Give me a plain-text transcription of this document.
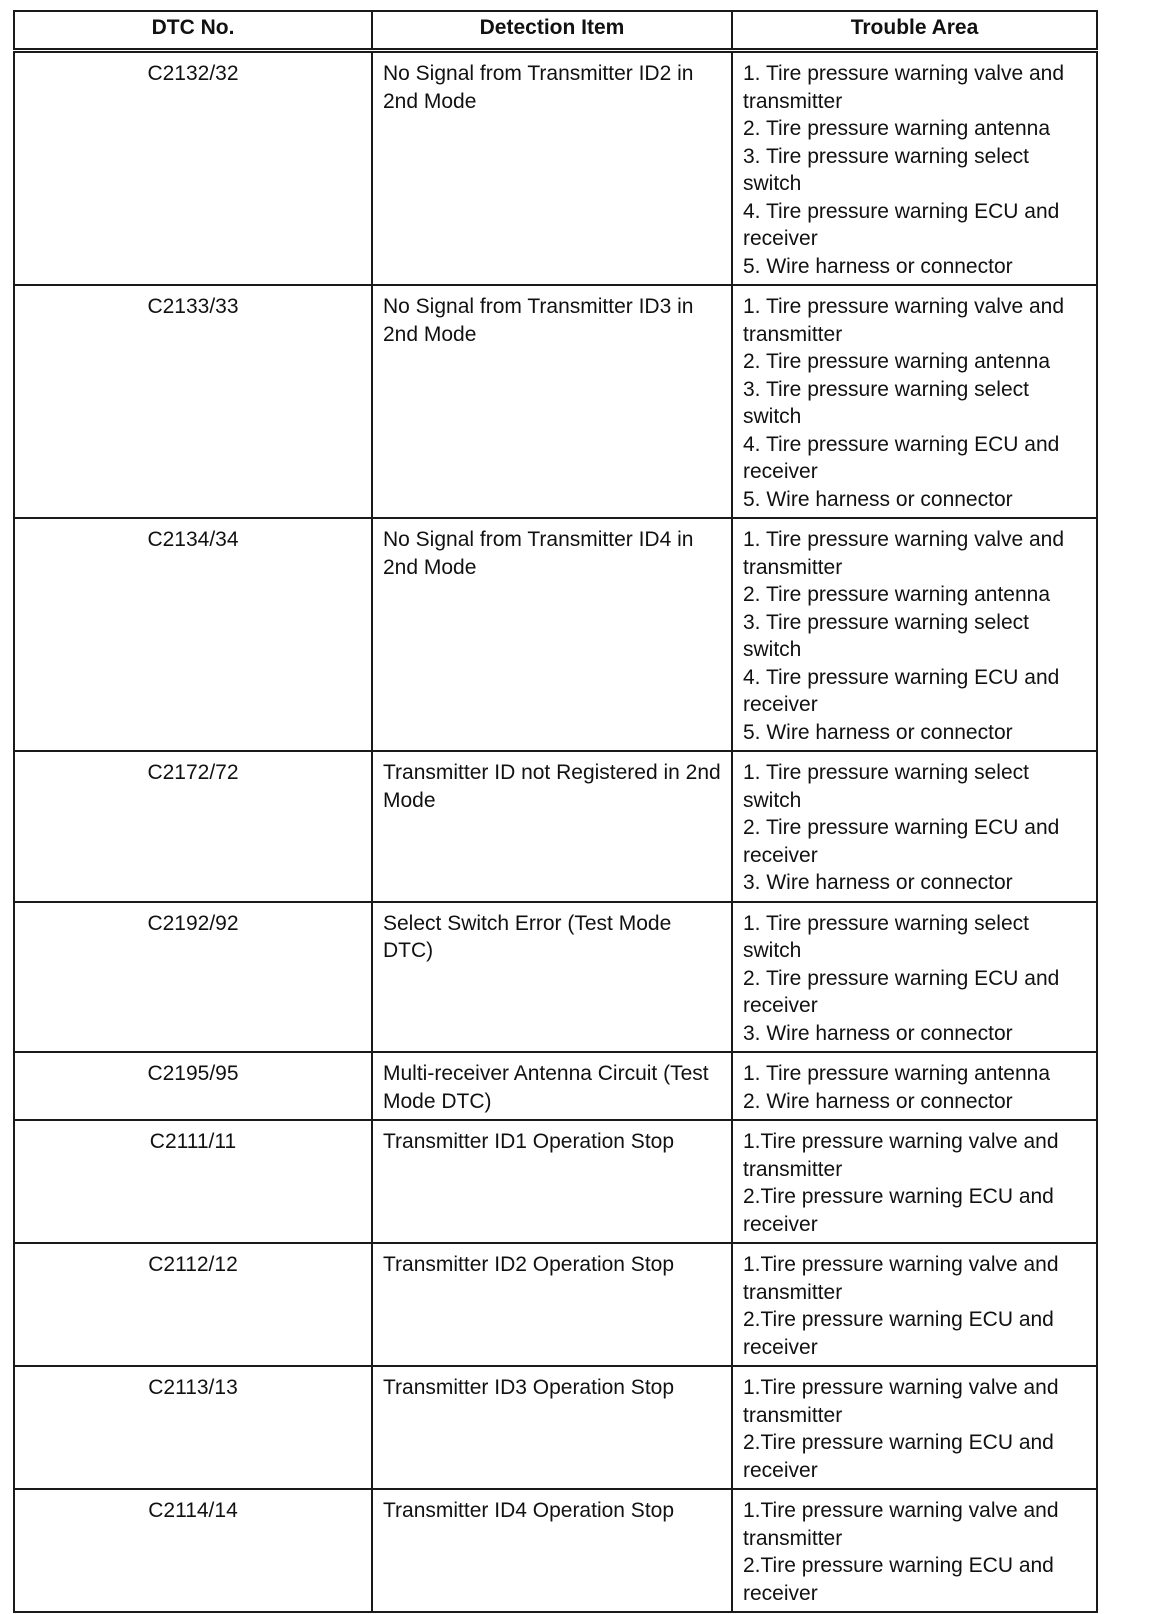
DTC No.	Detection Item	Trouble Area
C2132/32	No Signal from Transmitter ID2 in 2nd Mode	1. Tire pressure warning valve and transmitter
2. Tire pressure warning antenna
3. Tire pressure warning select switch
4. Tire pressure warning ECU and receiver
5. Wire harness or connector

C2133/33	No Signal from Transmitter ID3 in 2nd Mode	1. Tire pressure warning valve and transmitter
2. Tire pressure warning antenna
3. Tire pressure warning select switch
4. Tire pressure warning ECU and receiver
5. Wire harness or connector

C2134/34	No Signal from Transmitter ID4 in 2nd Mode	1. Tire pressure warning valve and transmitter
2. Tire pressure warning antenna
3. Tire pressure warning select switch
4. Tire pressure warning ECU and receiver
5. Wire harness or connector

C2172/72	Transmitter ID not Registered in 2nd Mode	1. Tire pressure warning select switch
2. Tire pressure warning ECU and receiver
3. Wire harness or connector

C2192/92	Select Switch Error (Test Mode DTC)	1. Tire pressure warning select switch
2. Tire pressure warning ECU and receiver
3. Wire harness or connector

C2195/95	Multi-receiver Antenna Circuit (Test Mode DTC)	1. Tire pressure warning antenna
2. Wire harness or connector

C2111/11	Transmitter ID1 Operation Stop	1.Tire pressure warning valve and transmitter
2.Tire pressure warning ECU and receiver

C2112/12	Transmitter ID2 Operation Stop	1.Tire pressure warning valve and transmitter
2.Tire pressure warning ECU and receiver

C2113/13	Transmitter ID3 Operation Stop	1.Tire pressure warning valve and transmitter
2.Tire pressure warning ECU and receiver

C2114/14	Transmitter ID4 Operation Stop	1.Tire pressure warning valve and transmitter
2.Tire pressure warning ECU and receiver
